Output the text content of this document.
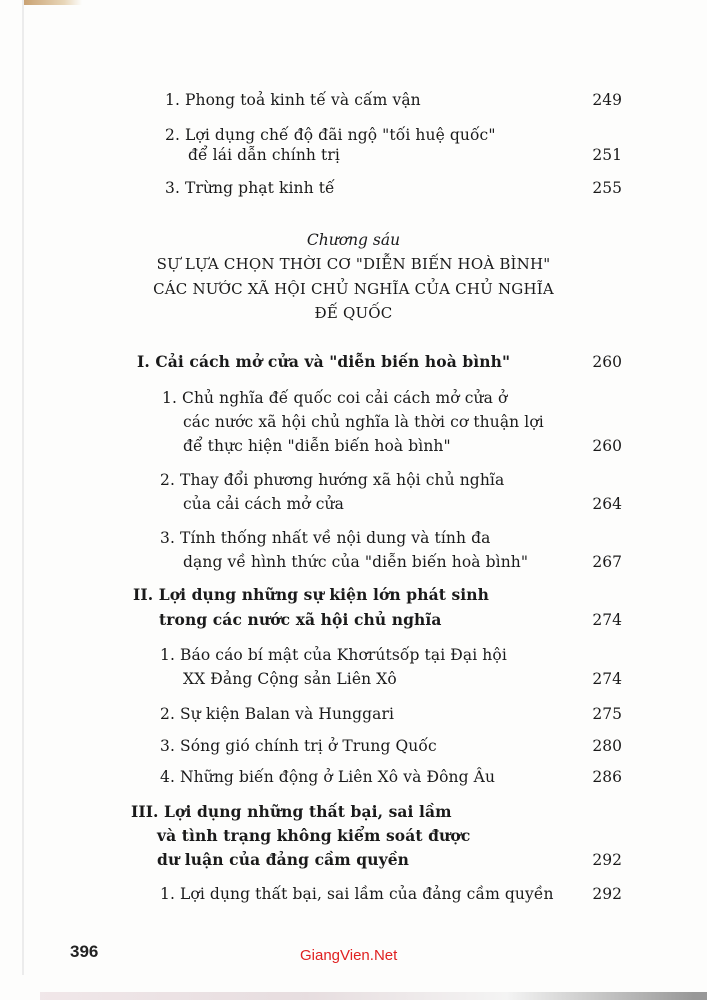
1. Phong toả kinh tế và cấm vận	249
2. Lợi dụng chế độ đãi ngộ "tối huệ quốc"
để lái dẫn chính trị	251
3. Trừng phạt kinh tế	255
Chương sáu
SỰ LỰA CHỌN THỜI CƠ "DIỄN BIẾN HOÀ BÌNH"
CÁC NƯỚC XÃ HỘI CHỦ NGHĨA CỦA CHỦ NGHĨA
ĐẾ QUỐC
I. Cải cách mở cửa và "diễn biến hoà bình"	260
1. Chủ nghĩa đế quốc coi cải cách mở cửa ở
các nước xã hội chủ nghĩa là thời cơ thuận lợi
để thực hiện "diễn biến hoà bình"	260
2. Thay đổi phương hướng xã hội chủ nghĩa
của cải cách mở cửa	264
3. Tính thống nhất về nội dung và tính đa
dạng về hình thức của "diễn biến hoà bình"	267
II. Lợi dụng những sự kiện lớn phát sinh
trong các nước xã hội chủ nghĩa	274
1. Báo cáo bí mật của Khơrútsốp tại Đại hội
XX Đảng Cộng sản Liên Xô	274
2. Sự kiện Balan và Hunggari	275
3. Sóng gió chính trị ở Trung Quốc	280
4. Những biến động ở Liên Xô và Đông Âu	286
III. Lợi dụng những thất bại, sai lầm
và tình trạng không kiểm soát được
dư luận của đảng cầm quyền	292
1. Lợi dụng thất bại, sai lầm của đảng cầm quyền	292
396	GiangVien.Net
